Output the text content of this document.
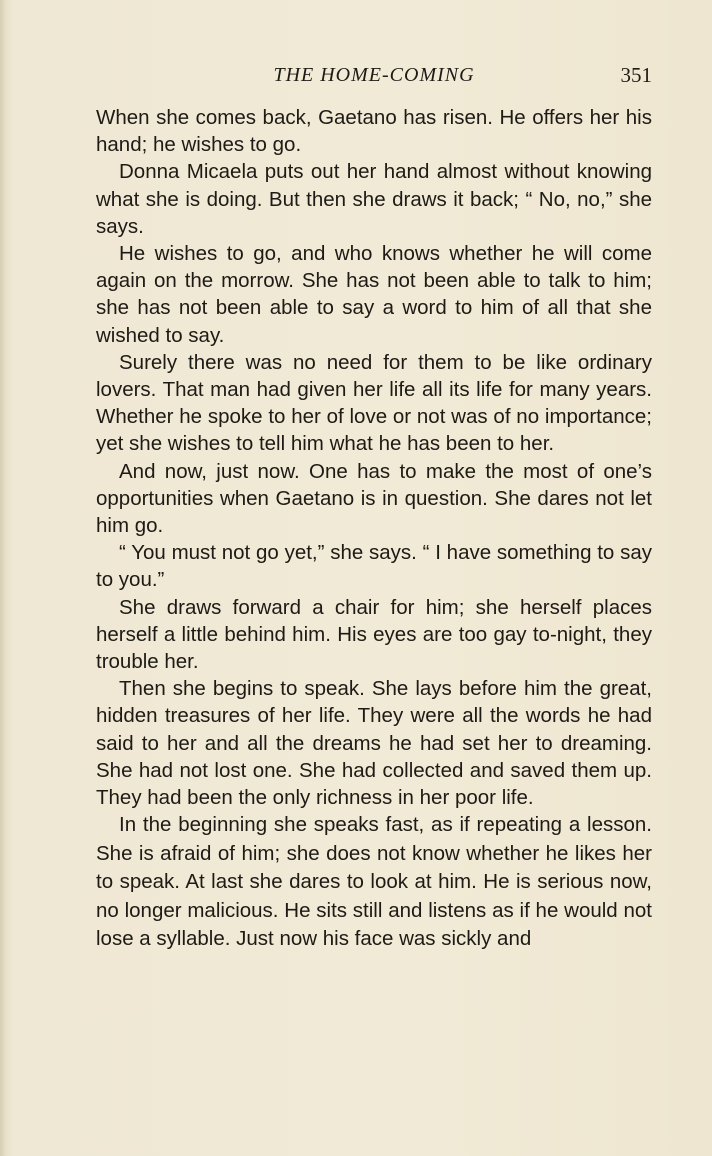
THE HOME-COMING	351

When she comes back, Gaetano has risen. He offers her his hand; he wishes to go.

Donna Micaela puts out her hand almost without knowing what she is doing. But then she draws it back; “ No, no,” she says.

He wishes to go, and who knows whether he will come again on the morrow. She has not been able to talk to him; she has not been able to say a word to him of all that she wished to say.

Surely there was no need for them to be like ordinary lovers. That man had given her life all its life for many years. Whether he spoke to her of love or not was of no importance; yet she wishes to tell him what he has been to her.

And now, just now. One has to make the most of one’s opportunities when Gaetano is in question. She dares not let him go.

“ You must not go yet,” she says. “ I have something to say to you.”

She draws forward a chair for him; she herself places herself a little behind him. His eyes are too gay to-night, they trouble her.

Then she begins to speak. She lays before him the great, hidden treasures of her life. They were all the words he had said to her and all the dreams he had set her to dreaming. She had not lost one. She had collected and saved them up. They had been the only richness in her poor life.

In the beginning she speaks fast, as if repeating a lesson. She is afraid of him; she does not know whether he likes her to speak. At last she dares to look at him. He is serious now, no longer malicious. He sits still and listens as if he would not lose a syllable. Just now his face was sickly and
